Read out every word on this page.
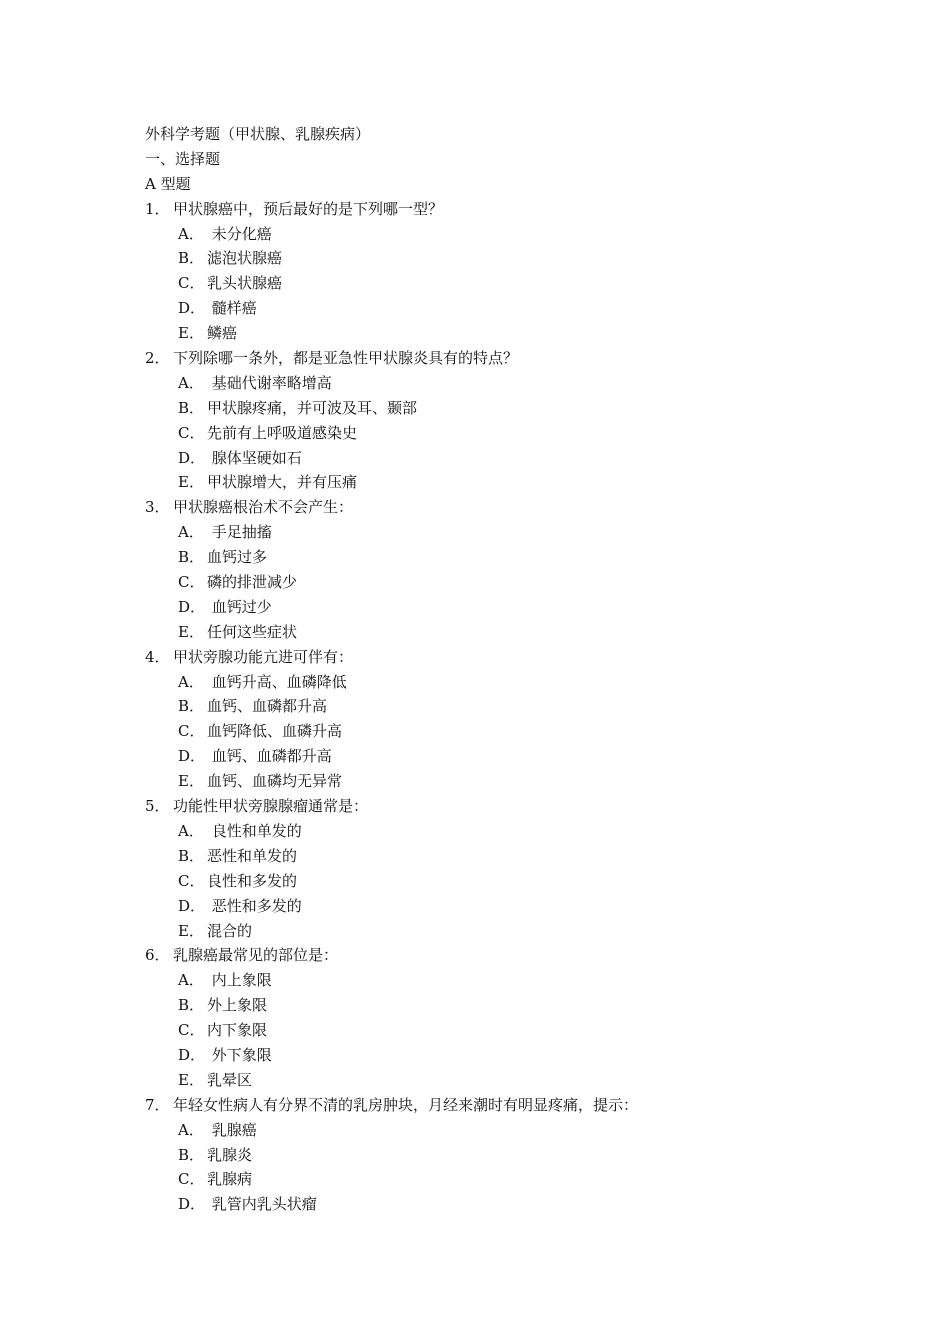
外科学考题（甲状腺、乳腺疾病）
一、选择题
A 型题
1． 甲状腺癌中，预后最好的是下列哪一型？
A． 未分化癌
B． 滤泡状腺癌
C． 乳头状腺癌
D． 髓样癌
E． 鳞癌
2． 下列除哪一条外，都是亚急性甲状腺炎具有的特点？
A． 基础代谢率略增高
B． 甲状腺疼痛，并可波及耳、颞部
C． 先前有上呼吸道感染史
D． 腺体坚硬如石
E． 甲状腺增大，并有压痛
3． 甲状腺癌根治术不会产生：
A． 手足抽搐
B． 血钙过多
C． 磷的排泄减少
D． 血钙过少
E． 任何这些症状
4． 甲状旁腺功能亢进可伴有：
A． 血钙升高、血磷降低
B． 血钙、血磷都升高
C． 血钙降低、血磷升高
D． 血钙、血磷都升高
E． 血钙、血磷均无异常
5． 功能性甲状旁腺腺瘤通常是：
A． 良性和单发的
B． 恶性和单发的
C． 良性和多发的
D． 恶性和多发的
E． 混合的
6． 乳腺癌最常见的部位是：
A． 内上象限
B． 外上象限
C． 内下象限
D． 外下象限
E． 乳晕区
7． 年轻女性病人有分界不清的乳房肿块，月经来潮时有明显疼痛，提示：
A． 乳腺癌
B． 乳腺炎
C． 乳腺病
D． 乳管内乳头状瘤
